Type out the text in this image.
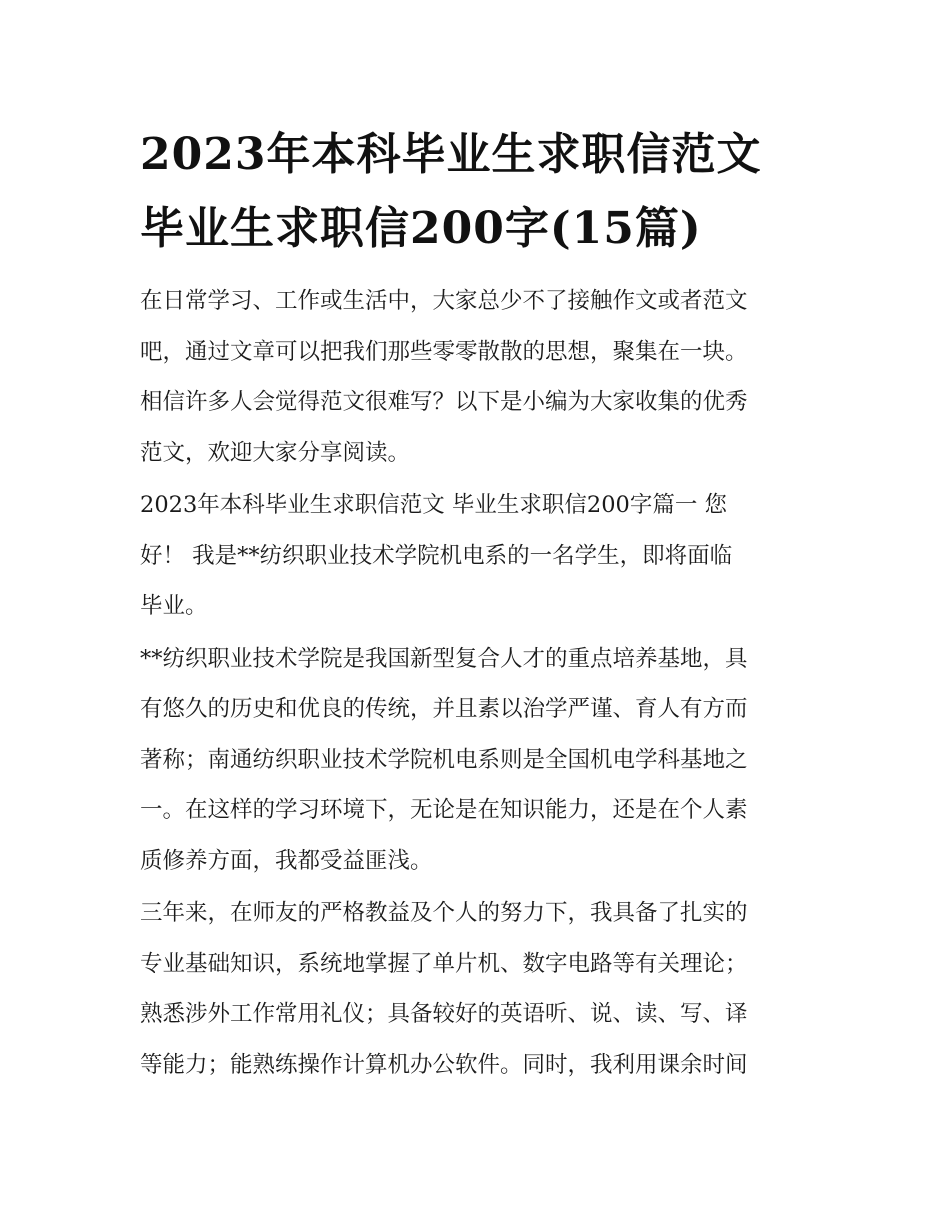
2023年本科毕业生求职信范文
毕业生求职信200字(15篇)

在日常学习、工作或生活中，大家总少不了接触作文或者范文
吧，通过文章可以把我们那些零零散散的思想，聚集在一块。
相信许多人会觉得范文很难写？以下是小编为大家收集的优秀
范文，欢迎大家分享阅读。

2023年本科毕业生求职信范文 毕业生求职信200字篇一 您
好！ 我是**纺织职业技术学院机电系的一名学生，即将面临
毕业。

**纺织职业技术学院是我国新型复合人才的重点培养基地，具
有悠久的历史和优良的传统，并且素以治学严谨、育人有方而
著称；南通纺织职业技术学院机电系则是全国机电学科基地之
一。在这样的学习环境下，无论是在知识能力，还是在个人素
质修养方面，我都受益匪浅。

三年来，在师友的严格教益及个人的努力下，我具备了扎实的
专业基础知识，系统地掌握了单片机、数字电路等有关理论；
熟悉涉外工作常用礼仪；具备较好的英语听、说、读、写、译
等能力；能熟练操作计算机办公软件。同时，我利用课余时间
